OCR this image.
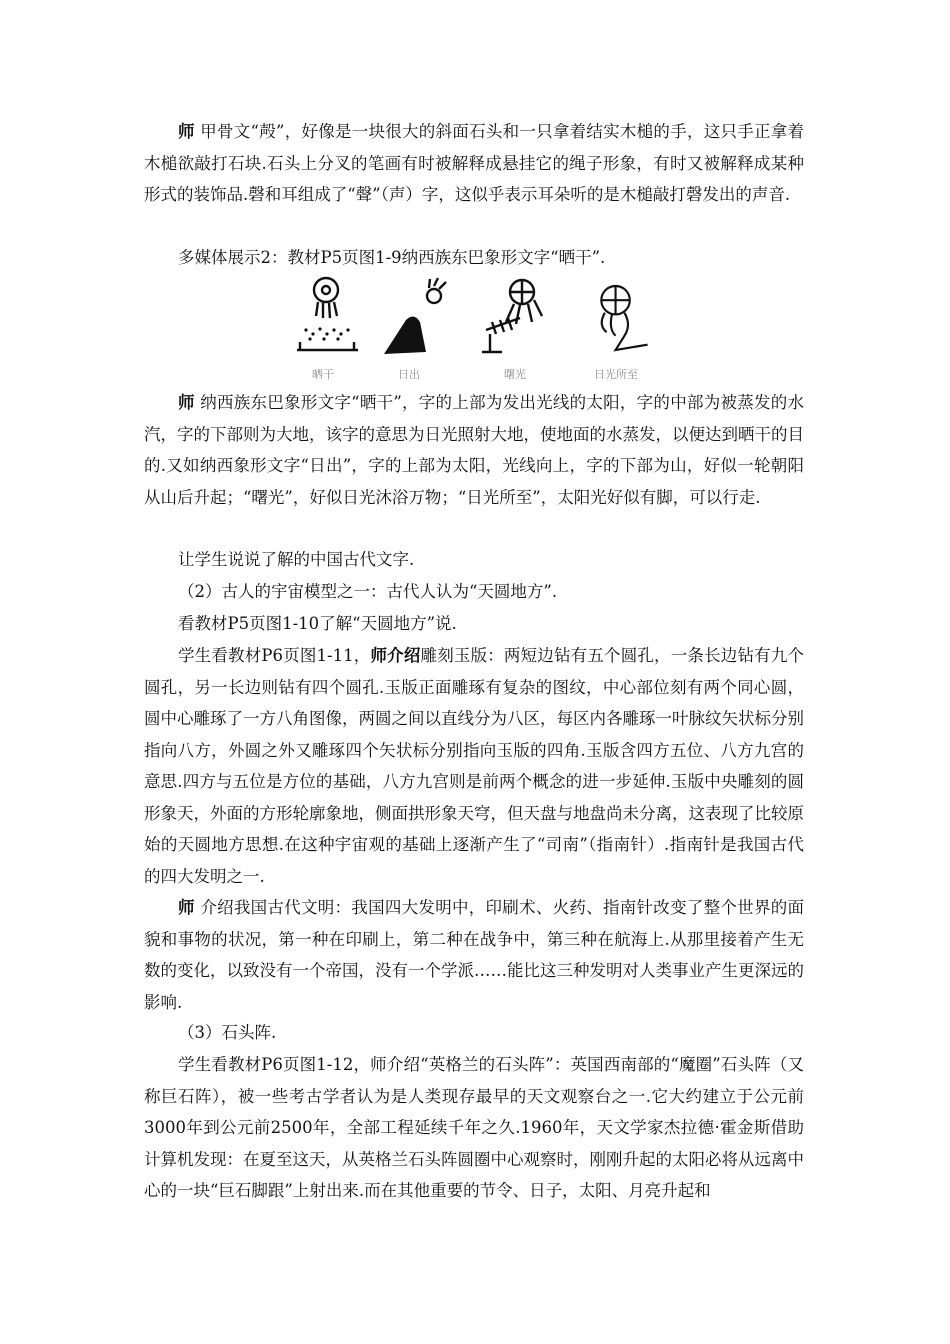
师 甲骨文“殸”，好像是一块很大的斜面石头和一只拿着结实木槌的手，这只手正拿着木槌欲敲打石块.石头上分叉的笔画有时被解释成悬挂它的绳子形象，有时又被解释成某种形式的装饰品.磬和耳组成了“聲”（声）字，这似乎表示耳朵听的是木槌敲打磬发出的声音.

多媒体展示2：教材P5页图1-9纳西族东巴象形文字“晒干”.

晒干	日出	曙光	日光所至

师 纳西族东巴象形文字“晒干”，字的上部为发出光线的太阳，字的中部为被蒸发的水汽，字的下部则为大地，该字的意思为日光照射大地，使地面的水蒸发，以便达到晒干的目的.又如纳西象形文字“日出”，字的上部为太阳，光线向上，字的下部为山，好似一轮朝阳从山后升起；“曙光”，好似日光沐浴万物；“日光所至”，太阳光好似有脚，可以行走.

让学生说说了解的中国古代文字.

（2）古人的宇宙模型之一：古代人认为“天圆地方”.

看教材P5页图1-10了解“天圆地方”说.

学生看教材P6页图1-11，师介绍雕刻玉版：两短边钻有五个圆孔，一条长边钻有九个圆孔，另一长边则钻有四个圆孔.玉版正面雕琢有复杂的图纹，中心部位刻有两个同心圆，圆中心雕琢了一方八角图像，两圆之间以直线分为八区，每区内各雕琢一叶脉纹矢状标分别指向八方，外圆之外又雕琢四个矢状标分别指向玉版的四角.玉版含四方五位、八方九宫的意思.四方与五位是方位的基础，八方九宫则是前两个概念的进一步延伸.玉版中央雕刻的圆形象天，外面的方形轮廓象地，侧面拱形象天穹，但天盘与地盘尚未分离，这表现了比较原始的天圆地方思想.在这种宇宙观的基础上逐渐产生了“司南”（指南针）.指南针是我国古代的四大发明之一.

师 介绍我国古代文明：我国四大发明中，印刷术、火药、指南针改变了整个世界的面貌和事物的状况，第一种在印刷上，第二种在战争中，第三种在航海上.从那里接着产生无数的变化，以致没有一个帝国，没有一个学派……能比这三种发明对人类事业产生更深远的影响.

（3）石头阵.

学生看教材P6页图1-12，师介绍“英格兰的石头阵”：英国西南部的“魔圈”石头阵（又称巨石阵），被一些考古学者认为是人类现存最早的天文观察台之一.它大约建立于公元前3000年到公元前2500年，全部工程延续千年之久.1960年，天文学家杰拉德·霍金斯借助计算机发现：在夏至这天，从英格兰石头阵圆圈中心观察时，刚刚升起的太阳必将从远离中心的一块“巨石脚跟”上射出来.而在其他重要的节令、日子，太阳、月亮升起和
